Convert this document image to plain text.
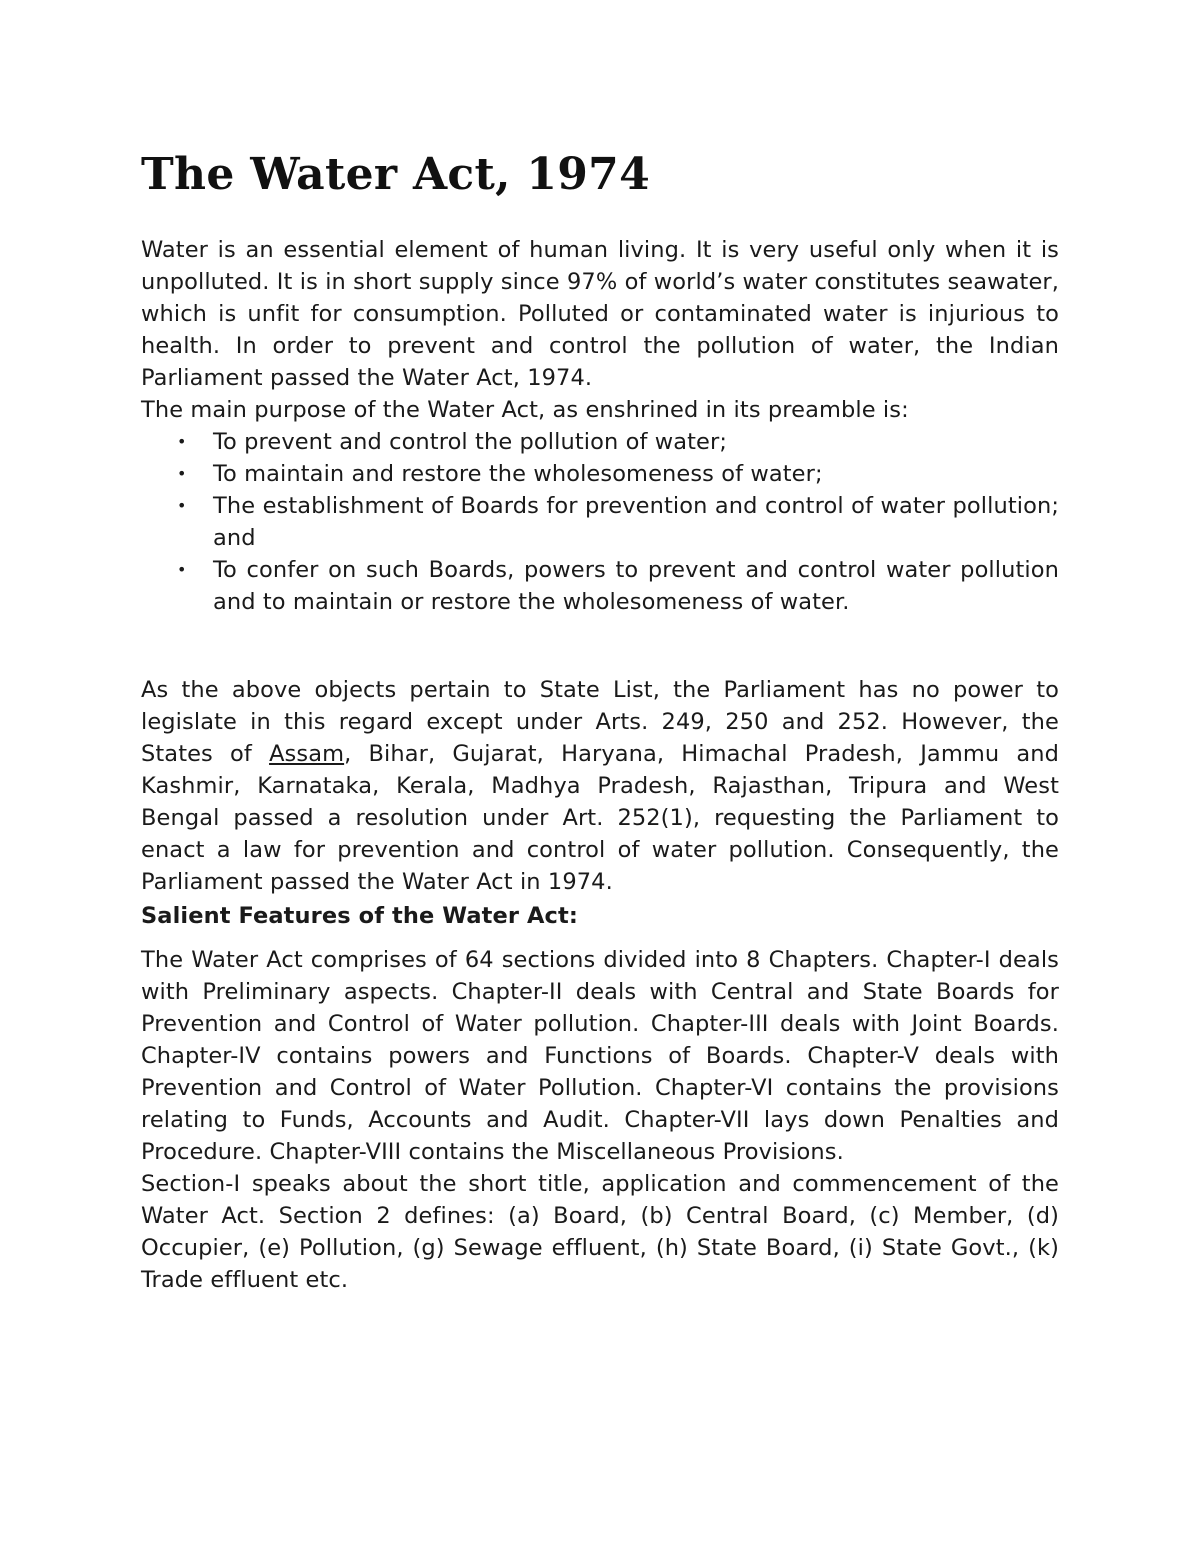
The Water Act, 1974

Water is an essential element of human living. It is very useful only when it is unpolluted. It is in short supply since 97% of world’s water constitutes seawater, which is unfit for consumption. Polluted or contaminated water is injurious to health. In order to prevent and control the pollution of water, the Indian Parliament passed the Water Act, 1974.

The main purpose of the Water Act, as enshrined in its preamble is:

• To prevent and control the pollution of water;
• To maintain and restore the wholesomeness of water;
• The establishment of Boards for prevention and control of water pollution; and
• To confer on such Boards, powers to prevent and control water pollution and to maintain or restore the wholesomeness of water.

As the above objects pertain to State List, the Parliament has no power to legislate in this regard except under Arts. 249, 250 and 252. However, the States of Assam, Bihar, Gujarat, Haryana, Himachal Pradesh, Jammu and Kashmir, Karnataka, Kerala, Madhya Pradesh, Rajasthan, Tripura and West Bengal passed a resolution under Art. 252(1), requesting the Parliament to enact a law for prevention and control of water pollution. Consequently, the Parliament passed the Water Act in 1974.

Salient Features of the Water Act:

The Water Act comprises of 64 sections divided into 8 Chapters. Chapter-I deals with Preliminary aspects. Chapter-II deals with Central and State Boards for Prevention and Control of Water pollution. Chapter-III deals with Joint Boards. Chapter-IV contains powers and Functions of Boards. Chapter-V deals with Prevention and Control of Water Pollution. Chapter-VI contains the provisions relating to Funds, Accounts and Audit. Chapter-VII lays down Penalties and Procedure. Chapter-VIII contains the Miscellaneous Provisions.

Section-I speaks about the short title, application and commencement of the Water Act. Section 2 defines: (a) Board, (b) Central Board, (c) Member, (d) Occupier, (e) Pollution, (g) Sewage effluent, (h) State Board, (i) State Govt., (k) Trade effluent etc.
